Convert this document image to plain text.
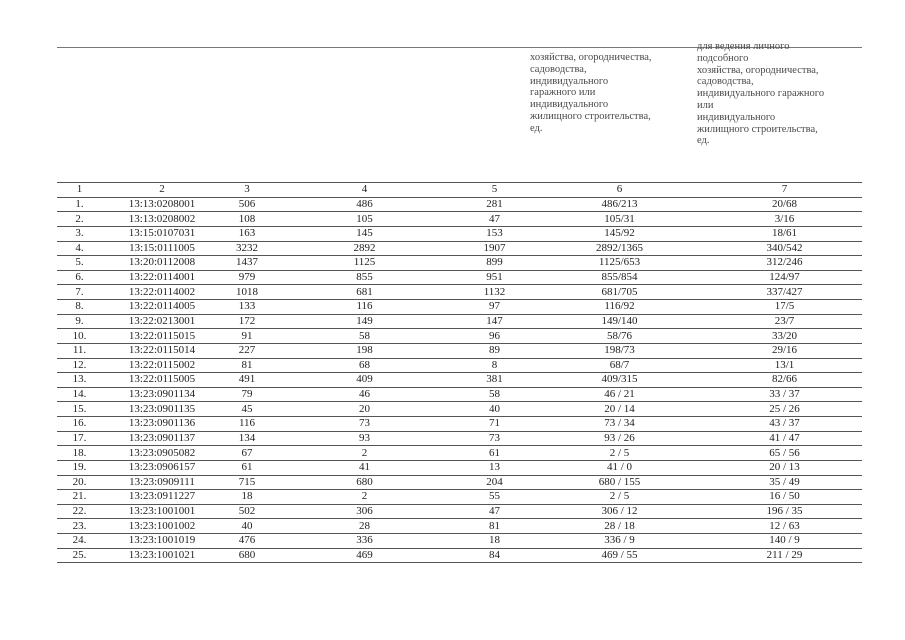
хозяйства, огородничества,
садоводства,
индивидуального
гаражного или
индивидуального
жилищного строительства,
ед.
для ведения личного
подсобного
хозяйства, огородничества,
садоводства,
индивидуального гаражного
или
индивидуального
жилищного строительства,
ед.
1	2	3	4	5	6	7
1.	13:13:0208001	506	486	281	486/213	20/68
2.	13:13:0208002	108	105	47	105/31	3/16
3.	13:15:0107031	163	145	153	145/92	18/61
4.	13:15:0111005	3232	2892	1907	2892/1365	340/542
5.	13:20:0112008	1437	1125	899	1125/653	312/246
6.	13:22:0114001	979	855	951	855/854	124/97
7.	13:22:0114002	1018	681	1132	681/705	337/427
8.	13:22:0114005	133	116	97	116/92	17/5
9.	13:22:0213001	172	149	147	149/140	23/7
10.	13:22:0115015	91	58	96	58/76	33/20
11.	13:22:0115014	227	198	89	198/73	29/16
12.	13:22:0115002	81	68	8	68/7	13/1
13.	13:22:0115005	491	409	381	409/315	82/66
14.	13:23:0901134	79	46	58	46 / 21	33 / 37
15.	13:23:0901135	45	20	40	20 / 14	25 / 26
16.	13:23:0901136	116	73	71	73 / 34	43 / 37
17.	13:23:0901137	134	93	73	93 / 26	41 / 47
18.	13:23:0905082	67	2	61	2 / 5	65 / 56
19.	13:23:0906157	61	41	13	41 / 0	20 / 13
20.	13:23:0909111	715	680	204	680 / 155	35 / 49
21.	13:23:0911227	18	2	55	2 / 5	16 / 50
22.	13:23:1001001	502	306	47	306 / 12	196 / 35
23.	13:23:1001002	40	28	81	28 / 18	12 / 63
24.	13:23:1001019	476	336	18	336 / 9	140 / 9
25.	13:23:1001021	680	469	84	469 / 55	211 / 29
